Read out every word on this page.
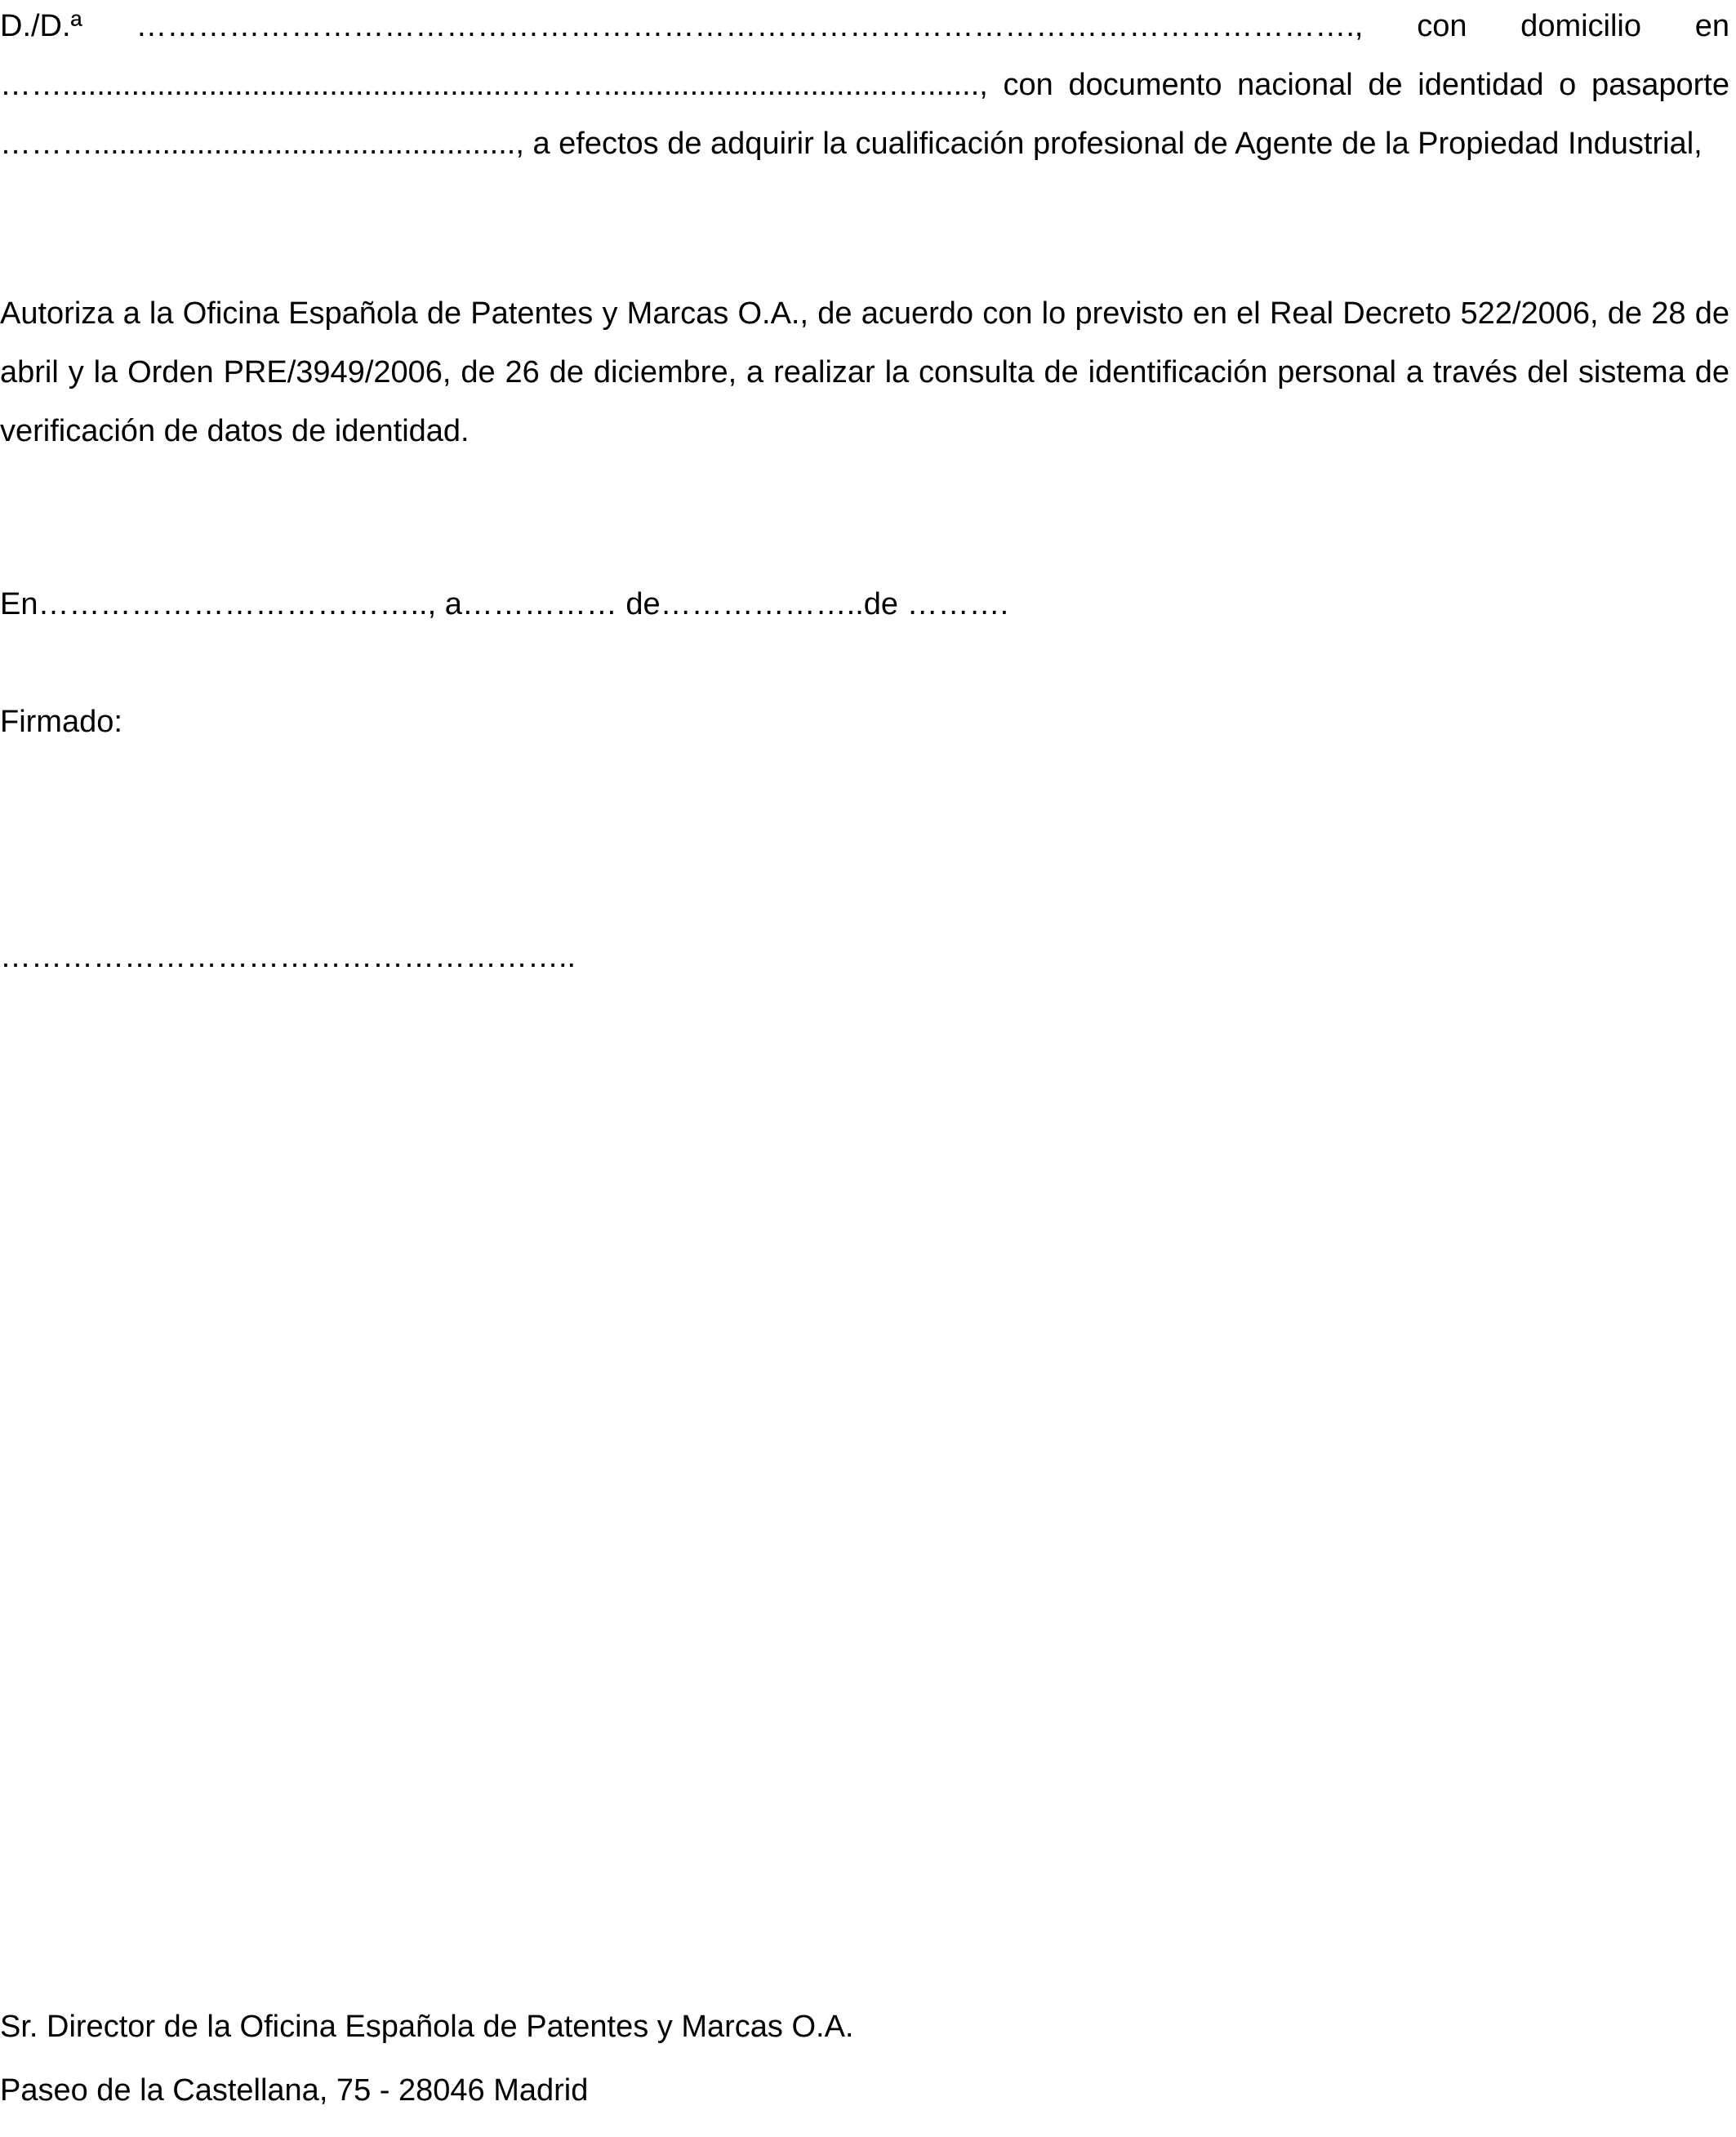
D./D.ª ………………………………………………………………………………………………………., con domicilio en ……....................................................……….................................…......., con documento nacional de identidad o pasaporte ………................................................., a efectos de adquirir la cualificación profesional de Agente de la Propiedad Industrial,

Autoriza a la Oficina Española de Patentes y Marcas O.A., de acuerdo con lo previsto en el Real Decreto 522/2006, de 28 de abril y la Orden PRE/3949/2006, de 26 de diciembre, a realizar la consulta de identificación personal a través del sistema de verificación de datos de identidad.

En……………………………….., a…………… de………………..de ……….

Firmado:

………………………………………………..

Sr. Director de la Oficina Española de Patentes y Marcas O.A.

Paseo de la Castellana, 75 - 28046 Madrid
